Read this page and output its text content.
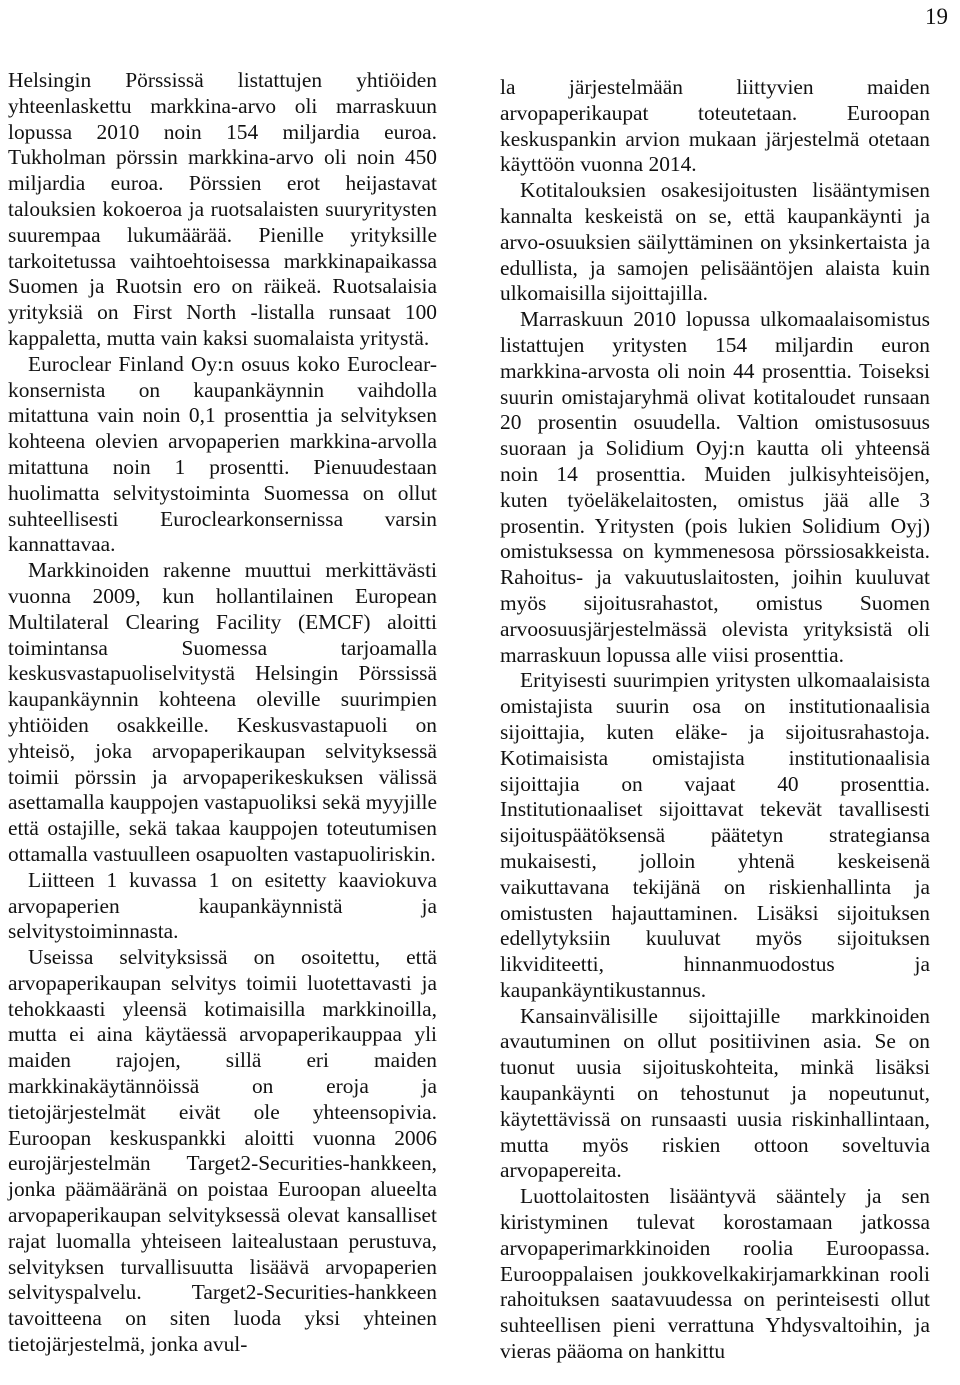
19

Helsingin Pörssissä listattujen yhtiöiden yhteenlaskettu markkina-arvo oli marraskuun lopussa 2010 noin 154 miljardia euroa. Tukholman pörssin markkina-arvo oli noin 450 miljardia euroa. Pörssien erot heijastavat talouksien kokoeroa ja ruotsalaisten suuryritysten suurempaa lukumäärää. Pienille yrityksille tarkoitetussa vaihtoehtoisessa markkinapaikassa Suomen ja Ruotsin ero on räikeä. Ruotsalaisia yrityksiä on First North -listalla runsaat 100 kappaletta, mutta vain kaksi suomalaista yritystä.

Euroclear Finland Oy:n osuus koko Euroclear-konsernista on kaupankäynnin vaihdolla mitattuna vain noin 0,1 prosenttia ja selvityksen kohteena olevien arvopaperien markkina-arvolla mitattuna noin 1 prosentti. Pienuudestaan huolimatta selvitystoiminta Suomessa on ollut suhteellisesti Euroclearkonsernissa varsin kannattavaa.

Markkinoiden rakenne muuttui merkittävästi vuonna 2009, kun hollantilainen European Multilateral Clearing Facility (EMCF) aloitti toimintansa Suomessa tarjoamalla keskusvastapuoliselvitystä Helsingin Pörssissä kaupankäynnin kohteena oleville suurimpien yhtiöiden osakkeille. Keskusvastapuoli on yhteisö, joka arvopaperikaupan selvityksessä toimii pörssin ja arvopaperikeskuksen välissä asettamalla kauppojen vastapuoliksi sekä myyjille että ostajille, sekä takaa kauppojen toteutumisen ottamalla vastuulleen osapuolten vastapuoliriskin.

Liitteen 1 kuvassa 1 on esitetty kaaviokuva arvopaperien kaupankäynnistä ja selvitystoiminnasta.

Useissa selvityksissä on osoitettu, että arvopaperikaupan selvitys toimii luotettavasti ja tehokkaasti yleensä kotimaisilla markkinoilla, mutta ei aina käytäessä arvopaperikauppaa yli maiden rajojen, sillä eri maiden markkinakäytännöissä on eroja ja tietojärjestelmät eivät ole yhteensopivia. Euroopan keskuspankki aloitti vuonna 2006 eurojärjestelmän Target2-Securities-hankkeen, jonka päämääränä on poistaa Euroopan alueelta arvopaperikaupan selvityksessä olevat kansalliset rajat luomalla yhteiseen laitealustaan perustuva, selvityksen turvallisuutta lisäävä arvopaperien selvityspalvelu. Target2-Securities-hankkeen tavoitteena on siten luoda yksi yhteinen tietojärjestelmä, jonka avul-

la järjestelmään liittyvien maiden arvopaperikaupat toteutetaan. Euroopan keskuspankin arvion mukaan järjestelmä otetaan käyttöön vuonna 2014.

Kotitalouksien osakesijoitusten lisääntymisen kannalta keskeistä on se, että kaupankäynti ja arvo-osuuksien säilyttäminen on yksinkertaista ja edullista, ja samojen pelisääntöjen alaista kuin ulkomaisilla sijoittajilla.

Marraskuun 2010 lopussa ulkomaalaisomistus listattujen yritysten 154 miljardin euron markkina-arvosta oli noin 44 prosenttia. Toiseksi suurin omistajaryhmä olivat kotitaloudet runsaan 20 prosentin osuudella. Valtion omistusosuus suoraan ja Solidium Oyj:n kautta oli yhteensä noin 14 prosenttia. Muiden julkisyhteisöjen, kuten työeläkelaitosten, omistus jää alle 3 prosentin. Yritysten (pois lukien Solidium Oyj) omistuksessa on kymmenesosa pörssiosakkeista. Rahoitus- ja vakuutuslaitosten, joihin kuuluvat myös sijoitusrahastot, omistus Suomen arvoosuusjärjestelmässä olevista yrityksistä oli marraskuun lopussa alle viisi prosenttia.

Erityisesti suurimpien yritysten ulkomaalaisista omistajista suurin osa on institutionaalisia sijoittajia, kuten eläke- ja sijoitusrahastoja. Kotimaisista omistajista institutionaalisia sijoittajia on vajaat 40 prosenttia. Institutionaaliset sijoittavat tekevät tavallisesti sijoituspäätöksensä päätetyn strategiansa mukaisesti, jolloin yhtenä keskeisenä vaikuttavana tekijänä on riskienhallinta ja omistusten hajauttaminen. Lisäksi sijoituksen edellytyksiin kuuluvat myös sijoituksen likviditeetti, hinnanmuodostus ja kaupankäyntikustannus.

Kansainvälisille sijoittajille markkinoiden avautuminen on ollut positiivinen asia. Se on tuonut uusia sijoituskohteita, minkä lisäksi kaupankäynti on tehostunut ja nopeutunut, käytettävissä on runsaasti uusia riskinhallintaan, mutta myös riskien ottoon soveltuvia arvopapereita.

Luottolaitosten lisääntyvä sääntely ja sen kiristyminen tulevat korostamaan jatkossa arvopaperimarkkinoiden roolia Euroopassa. Eurooppalaisen joukkovelkakirjamarkkinan rooli rahoituksen saatavuudessa on perinteisesti ollut suhteellisen pieni verrattuna Yhdysvaltoihin, ja vieras pääoma on hankittu
